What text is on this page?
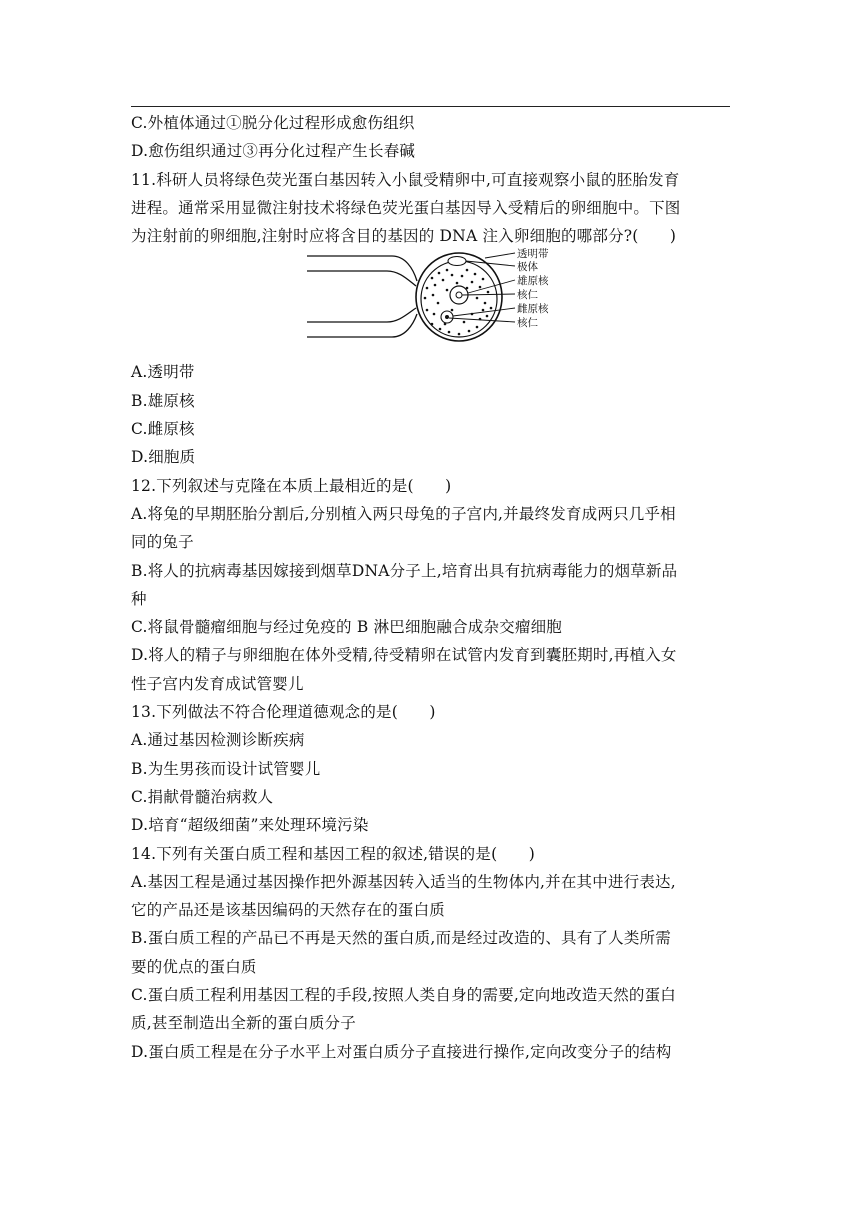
C.外植体通过①脱分化过程形成愈伤组织
D.愈伤组织通过③再分化过程产生长春碱
11.科研人员将绿色荧光蛋白基因转入小鼠受精卵中,可直接观察小鼠的胚胎发育
进程。通常采用显微注射技术将绿色荧光蛋白基因导入受精后的卵细胞中。下图
为注射前的卵细胞,注射时应将含目的基因的 DNA 注入卵细胞的哪部分?(　　)
透明带
极体
雄原核
核仁
雌原核
核仁
A.透明带
B.雄原核
C.雌原核
D.细胞质
12.下列叙述与克隆在本质上最相近的是(　　)
A.将兔的早期胚胎分割后,分别植入两只母兔的子宫内,并最终发育成两只几乎相
同的兔子
B.将人的抗病毒基因嫁接到烟草DNA分子上,培育出具有抗病毒能力的烟草新品
种
C.将鼠骨髓瘤细胞与经过免疫的 B 淋巴细胞融合成杂交瘤细胞
D.将人的精子与卵细胞在体外受精,待受精卵在试管内发育到囊胚期时,再植入女
性子宫内发育成试管婴儿
13.下列做法不符合伦理道德观念的是(　　)
A.通过基因检测诊断疾病
B.为生男孩而设计试管婴儿
C.捐献骨髓治病救人
D.培育“超级细菌”来处理环境污染
14.下列有关蛋白质工程和基因工程的叙述,错误的是(　　)
A.基因工程是通过基因操作把外源基因转入适当的生物体内,并在其中进行表达,
它的产品还是该基因编码的天然存在的蛋白质
B.蛋白质工程的产品已不再是天然的蛋白质,而是经过改造的、具有了人类所需
要的优点的蛋白质
C.蛋白质工程利用基因工程的手段,按照人类自身的需要,定向地改造天然的蛋白
质,甚至制造出全新的蛋白质分子
D.蛋白质工程是在分子水平上对蛋白质分子直接进行操作,定向改变分子的结构
